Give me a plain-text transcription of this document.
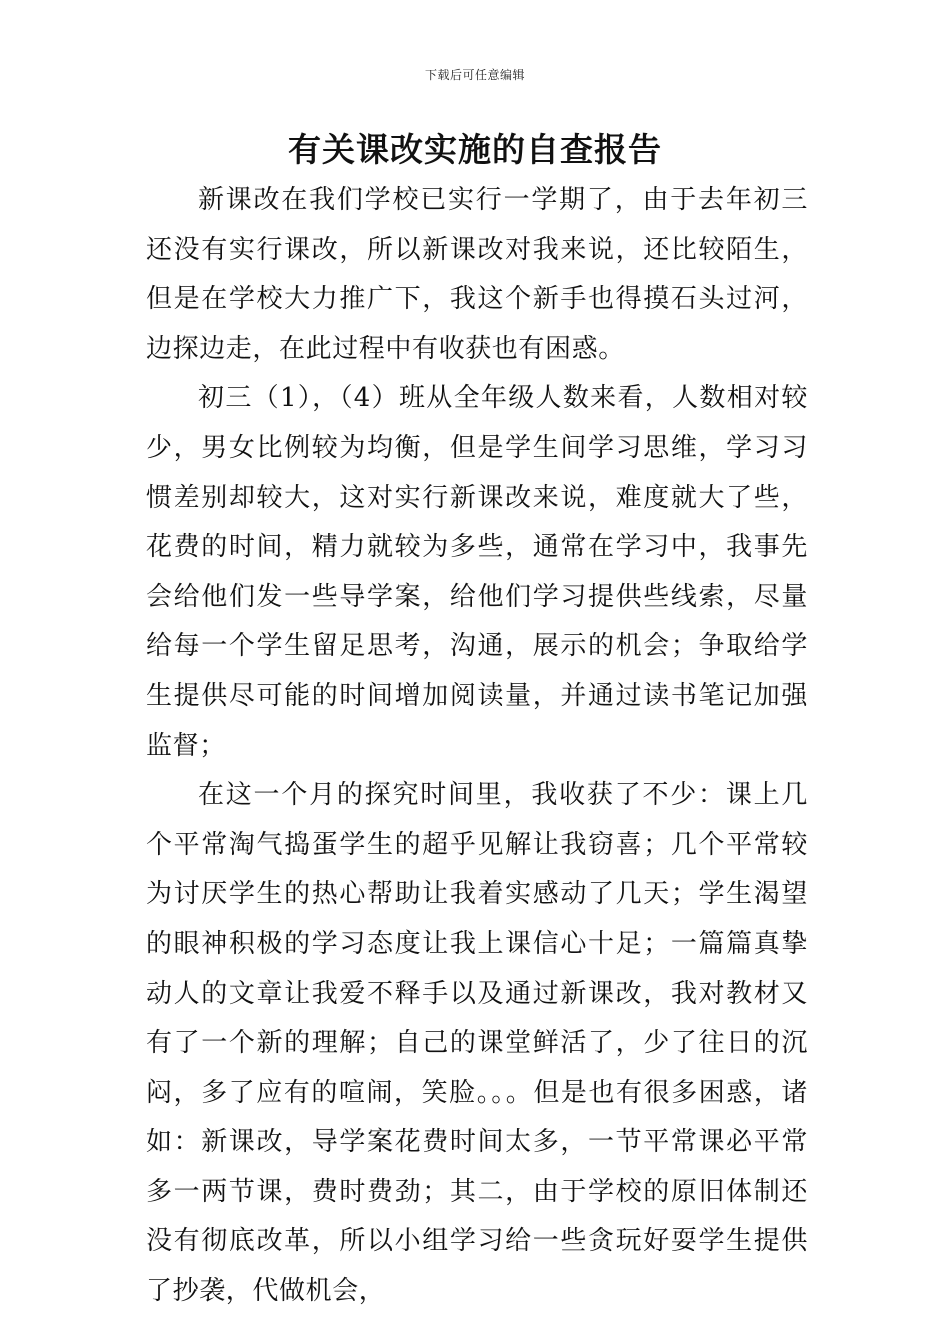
下载后可任意编辑
有关课改实施的自查报告

新课改在我们学校已实行一学期了，由于去年初三还没有实行课改，所以新课改对我来说，还比较陌生，但是在学校大力推广下，我这个新手也得摸石头过河，边探边走，在此过程中有收获也有困惑。

初三（1），（4）班从全年级人数来看，人数相对较少，男女比例较为均衡，但是学生间学习思维，学习习惯差别却较大，这对实行新课改来说，难度就大了些，花费的时间，精力就较为多些，通常在学习中，我事先会给他们发一些导学案，给他们学习提供些线索，尽量给每一个学生留足思考，沟通，展示的机会；争取给学生提供尽可能的时间增加阅读量，并通过读书笔记加强监督；

在这一个月的探究时间里，我收获了不少：课上几个平常淘气捣蛋学生的超乎见解让我窃喜；几个平常较为讨厌学生的热心帮助让我着实感动了几天；学生渴望的眼神积极的学习态度让我上课信心十足；一篇篇真挚动人的文章让我爱不释手以及通过新课改，我对教材又有了一个新的理解；自己的课堂鲜活了，少了往日的沉闷，多了应有的喧闹，笑脸。。。但是也有很多困惑，诸如：新课改，导学案花费时间太多，一节平常课必平常多一两节课，费时费劲；其二，由于学校的原旧体制还没有彻底改革，所以小组学习给一些贪玩好耍学生提供了抄袭，代做机会，
